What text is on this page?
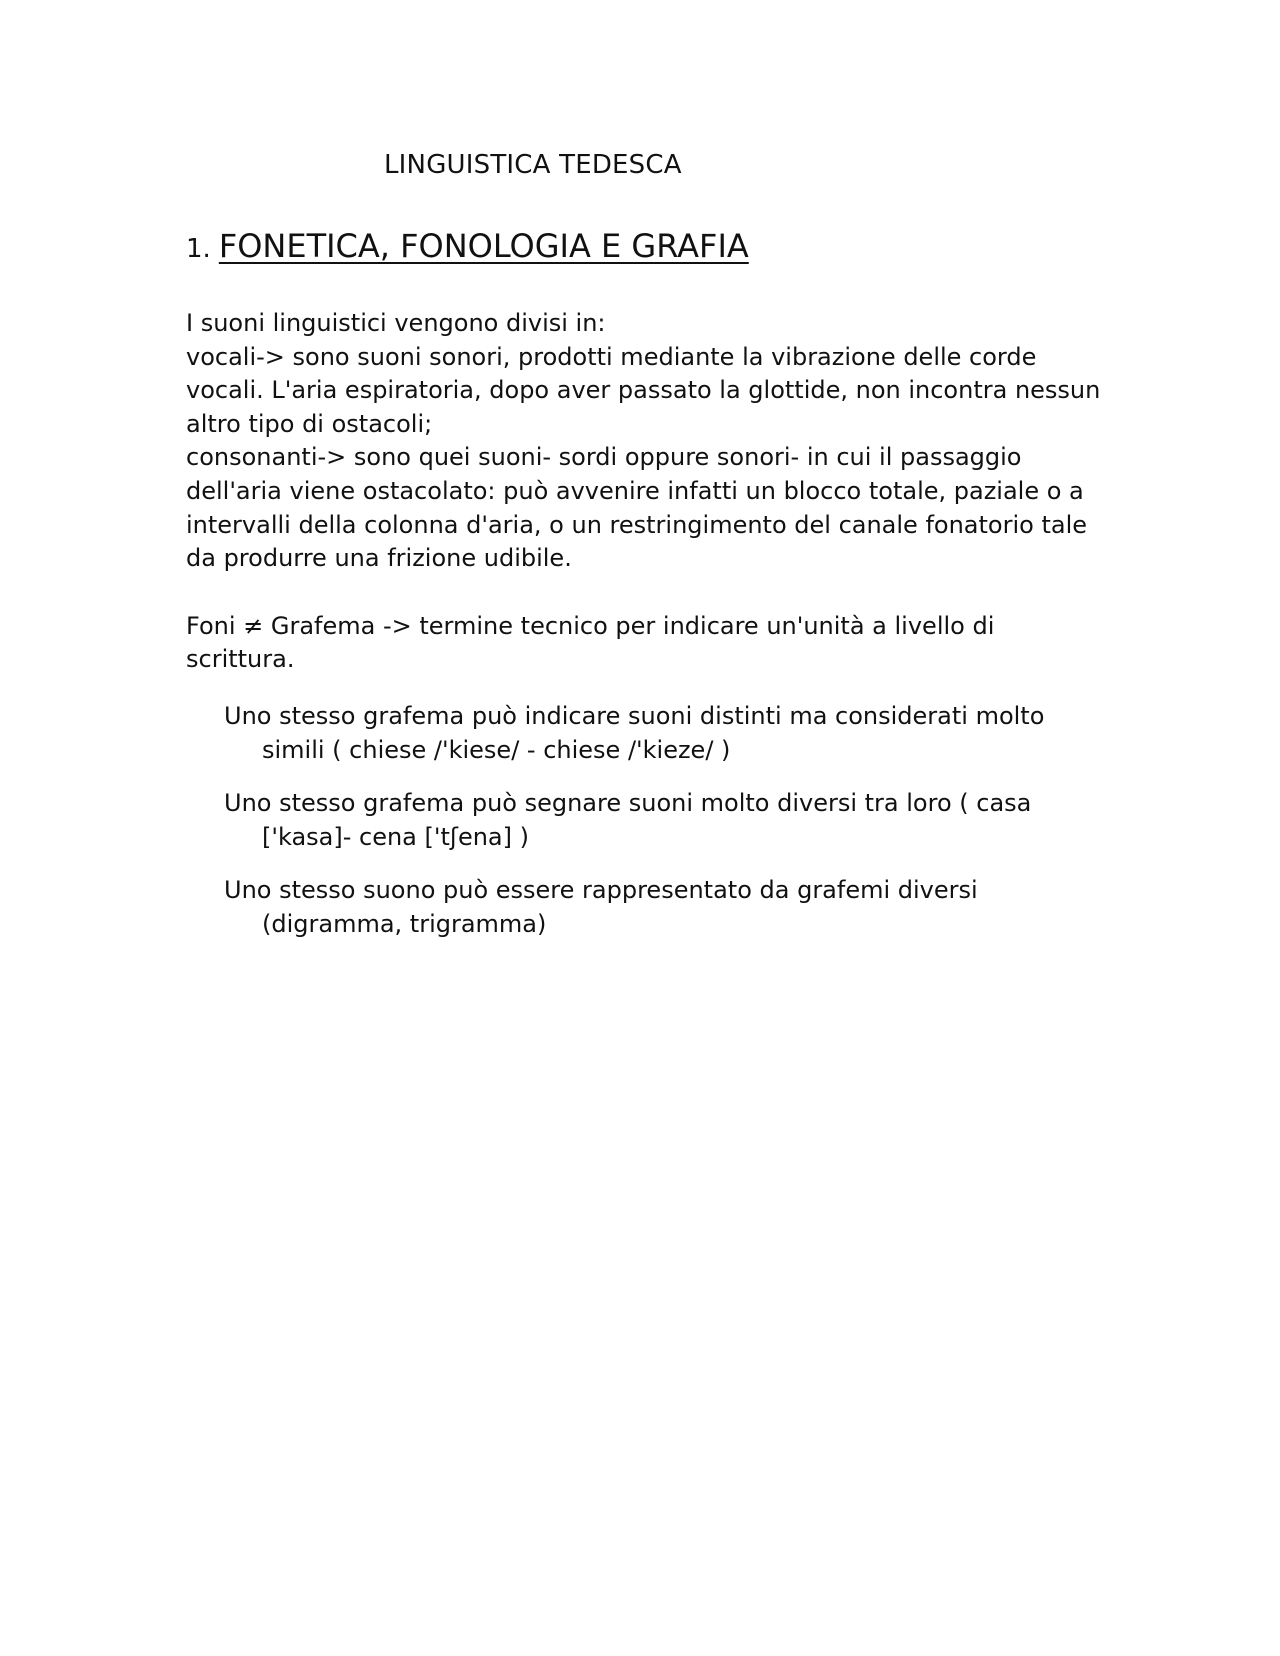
LINGUISTICA TEDESCA
1. FONETICA, FONOLOGIA E GRAFIA

I suoni linguistici vengono divisi in:

vocali-> sono suoni sonori, prodotti mediante la vibrazione delle corde vocali. L'aria espiratoria, dopo aver passato la glottide, non incontra nessun altro tipo di ostacoli;

consonanti-> sono quei suoni- sordi oppure sonori- in cui il passaggio dell'aria viene ostacolato: può avvenire infatti un blocco totale, paziale o a intervalli della colonna d'aria, o un restringimento del canale fonatorio tale da produrre una frizione udibile.

Foni ≠ Grafema -> termine tecnico per indicare un'unità a livello di scrittura.

Uno stesso grafema può indicare suoni distinti ma considerati molto simili ( chiese /'kiese/ - chiese /'kieze/ )
Uno stesso grafema può segnare suoni molto diversi tra loro ( casa ['kasa]- cena ['tʃena] )
Uno stesso suono può essere rappresentato da grafemi diversi (digramma, trigramma)
